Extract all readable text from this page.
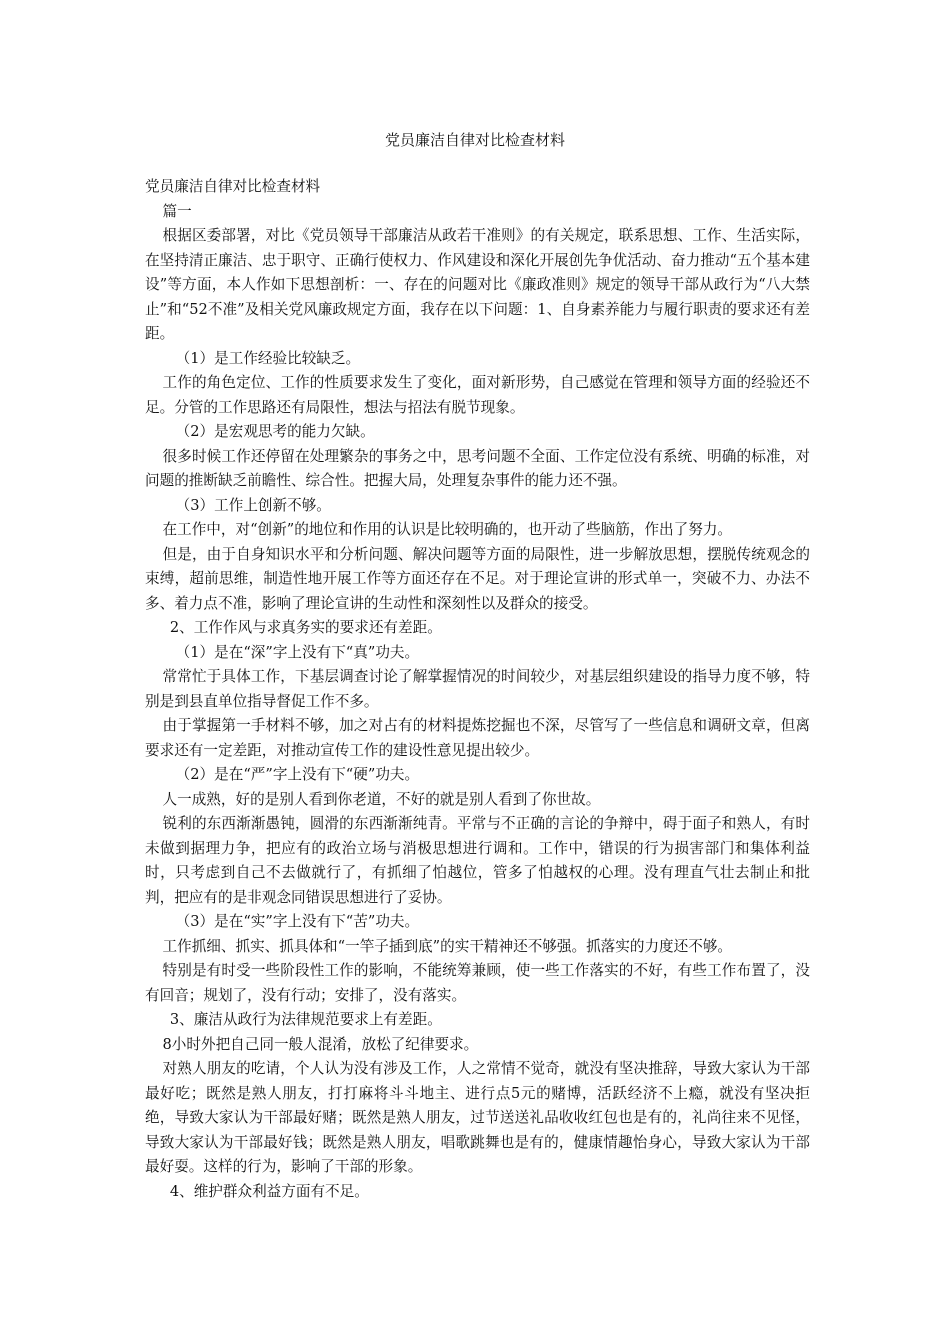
党员廉洁自律对比检查材料

党员廉洁自律对比检查材料

篇一

根据区委部署，对比《党员领导干部廉洁从政若干准则》的有关规定，联系思想、工作、生活实际，在坚持清正廉洁、忠于职守、正确行使权力、作风建设和深化开展创先争优活动、奋力推动“五个基本建设”等方面，本人作如下思想剖析：一、存在的问题对比《廉政准则》规定的领导干部从政行为“八大禁止”和“52不准”及相关党风廉政规定方面，我存在以下问题：1、自身素养能力与履行职责的要求还有差距。

（1）是工作经验比较缺乏。

工作的角色定位、工作的性质要求发生了变化，面对新形势，自己感觉在管理和领导方面的经验还不足。分管的工作思路还有局限性，想法与招法有脱节现象。

（2）是宏观思考的能力欠缺。

很多时候工作还停留在处理繁杂的事务之中，思考问题不全面、工作定位没有系统、明确的标准，对问题的推断缺乏前瞻性、综合性。把握大局，处理复杂事件的能力还不强。

（3）工作上创新不够。

在工作中，对“创新”的地位和作用的认识是比较明确的，也开动了些脑筋，作出了努力。

但是，由于自身知识水平和分析问题、解决问题等方面的局限性，进一步解放思想，摆脱传统观念的束缚，超前思维，制造性地开展工作等方面还存在不足。对于理论宣讲的形式单一，突破不力、办法不多、着力点不准，影响了理论宣讲的生动性和深刻性以及群众的接受。

2、工作作风与求真务实的要求还有差距。

（1）是在“深”字上没有下“真”功夫。

常常忙于具体工作，下基层调查讨论了解掌握情况的时间较少，对基层组织建设的指导力度不够，特别是到县直单位指导督促工作不多。

由于掌握第一手材料不够，加之对占有的材料提炼挖掘也不深，尽管写了一些信息和调研文章，但离要求还有一定差距，对推动宣传工作的建设性意见提出较少。

（2）是在“严”字上没有下“硬”功夫。

人一成熟，好的是别人看到你老道，不好的就是别人看到了你世故。

锐利的东西渐渐愚钝，圆滑的东西渐渐纯青。平常与不正确的言论的争辩中，碍于面子和熟人，有时未做到据理力争，把应有的政治立场与消极思想进行调和。工作中，错误的行为损害部门和集体利益时，只考虑到自己不去做就行了，有抓细了怕越位，管多了怕越权的心理。没有理直气壮去制止和批判，把应有的是非观念同错误思想进行了妥协。

（3）是在“实”字上没有下“苦”功夫。

工作抓细、抓实、抓具体和“一竿子插到底”的实干精神还不够强。抓落实的力度还不够。

特别是有时受一些阶段性工作的影响，不能统筹兼顾，使一些工作落实的不好，有些工作布置了，没有回音；规划了，没有行动；安排了，没有落实。

3、廉洁从政行为法律规范要求上有差距。

8小时外把自己同一般人混淆，放松了纪律要求。

对熟人朋友的吃请，个人认为没有涉及工作，人之常情不觉奇，就没有坚决推辞，导致大家认为干部最好吃；既然是熟人朋友，打打麻将斗斗地主、进行点5元的赌博，活跃经济不上瘾，就没有坚决拒绝，导致大家认为干部最好赌；既然是熟人朋友，过节送送礼品收收红包也是有的，礼尚往来不见怪，导致大家认为干部最好钱；既然是熟人朋友，唱歌跳舞也是有的，健康情趣怡身心，导致大家认为干部最好耍。这样的行为，影响了干部的形象。

4、维护群众利益方面有不足。
